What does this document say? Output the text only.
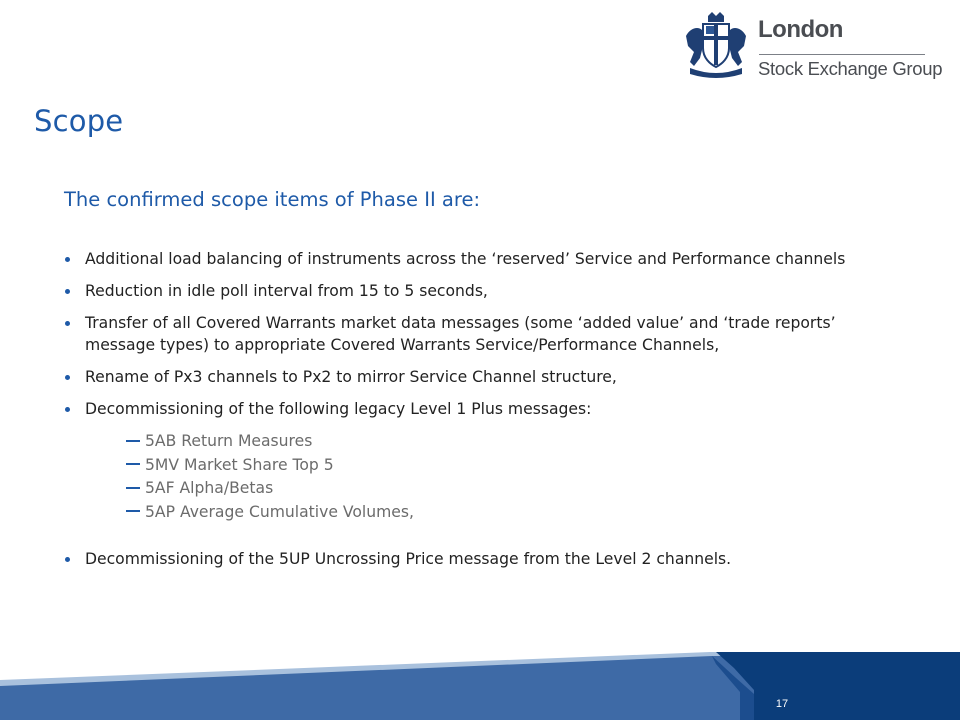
London
Stock Exchange Group
Scope
The confirmed scope items of Phase II are:
Additional load balancing of instruments across the ‘reserved’ Service and Performance channels
Reduction in idle poll interval from 15 to 5 seconds,
Transfer of all Covered Warrants market data messages (some ‘added value’ and ‘trade reports’ message types) to appropriate Covered Warrants Service/Performance Channels,
Rename of Px3 channels to Px2 to mirror Service Channel structure,
Decommissioning of the following legacy Level 1 Plus messages:
5AB Return Measures
5MV Market Share Top 5
5AF Alpha/Betas
5AP Average Cumulative Volumes,
Decommissioning of the 5UP Uncrossing Price message from the Level 2 channels.
17
